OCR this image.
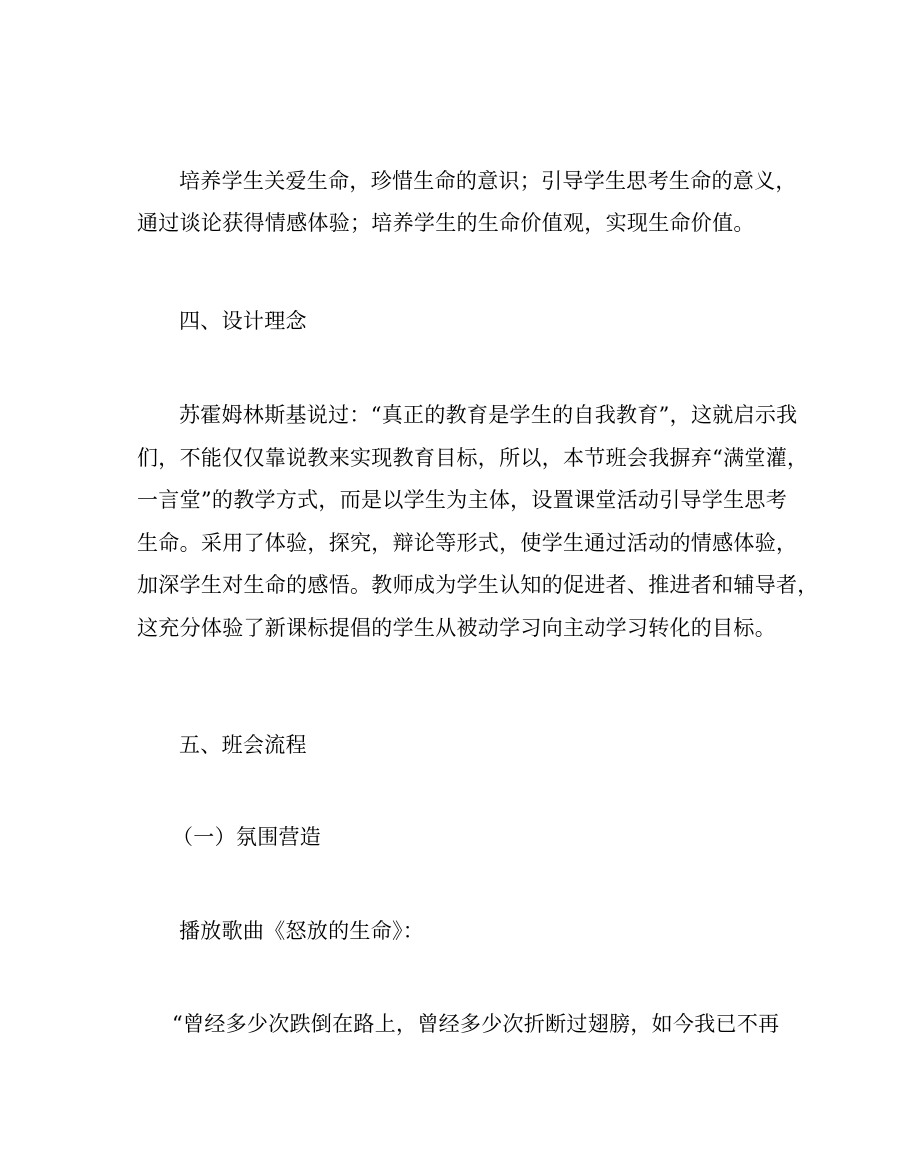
培养学生关爱生命，珍惜生命的意识；引导学生思考生命的意义，
通过谈论获得情感体验；培养学生的生命价值观，实现生命价值。
四、设计理念
苏霍姆林斯基说过：“真正的教育是学生的自我教育”，这就启示我
们，不能仅仅靠说教来实现教育目标，所以，本节班会我摒弃“满堂灌，
一言堂”的教学方式，而是以学生为主体，设置课堂活动引导学生思考
生命。采用了体验，探究，辩论等形式，使学生通过活动的情感体验，
加深学生对生命的感悟。教师成为学生认知的促进者、推进者和辅导者，
这充分体验了新课标提倡的学生从被动学习向主动学习转化的目标。
五、班会流程
（一）氛围营造
播放歌曲《怒放的生命》：
“曾经多少次跌倒在路上，曾经多少次折断过翅膀，如今我已不再
